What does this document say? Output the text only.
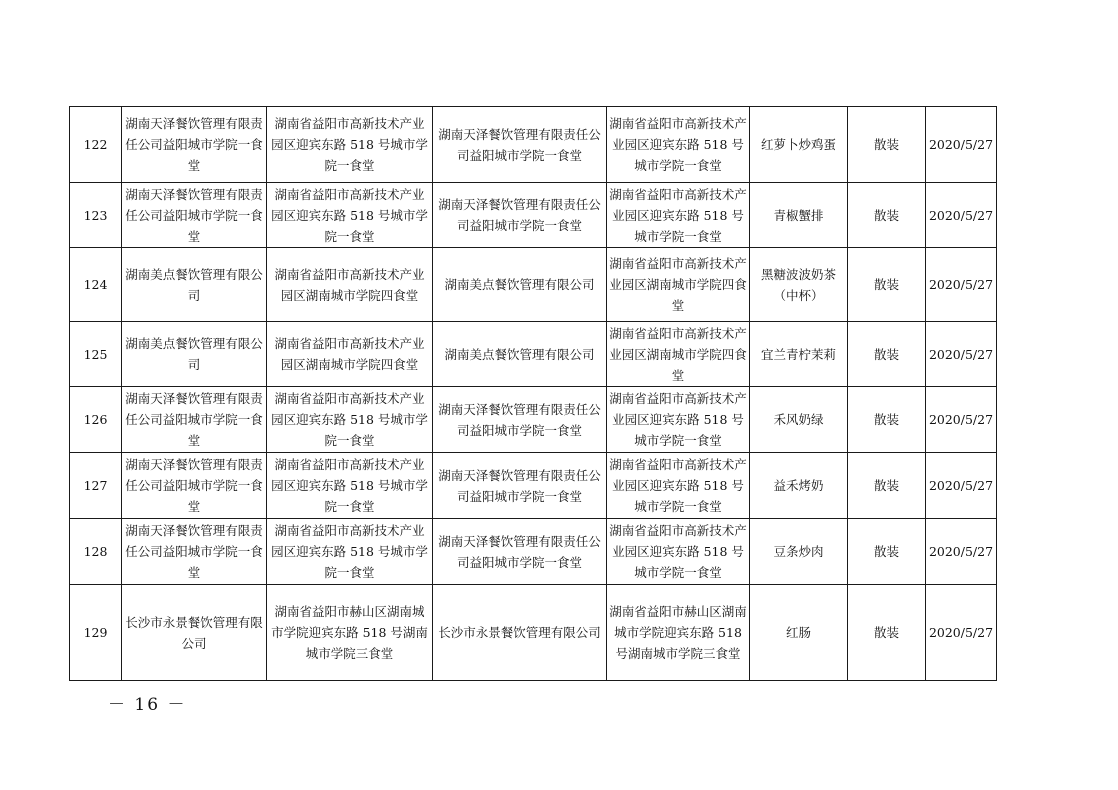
122	湖南天泽餐饮管理有限责任公司益阳城市学院一食堂	湖南省益阳市高新技术产业园区迎宾东路 518 号城市学院一食堂	湖南天泽餐饮管理有限责任公司益阳城市学院一食堂	湖南省益阳市高新技术产业园区迎宾东路 518 号城市学院一食堂	红萝卜炒鸡蛋	散装	2020/5/27
123	湖南天泽餐饮管理有限责任公司益阳城市学院一食堂	湖南省益阳市高新技术产业园区迎宾东路 518 号城市学院一食堂	湖南天泽餐饮管理有限责任公司益阳城市学院一食堂	湖南省益阳市高新技术产业园区迎宾东路 518 号城市学院一食堂	青椒蟹排	散装	2020/5/27
124	湖南美点餐饮管理有限公司	湖南省益阳市高新技术产业园区湖南城市学院四食堂	湖南美点餐饮管理有限公司	湖南省益阳市高新技术产业园区湖南城市学院四食堂	黑糖波波奶茶（中杯）	散装	2020/5/27
125	湖南美点餐饮管理有限公司	湖南省益阳市高新技术产业园区湖南城市学院四食堂	湖南美点餐饮管理有限公司	湖南省益阳市高新技术产业园区湖南城市学院四食堂	宜兰青柠茉莉	散装	2020/5/27
126	湖南天泽餐饮管理有限责任公司益阳城市学院一食堂	湖南省益阳市高新技术产业园区迎宾东路 518 号城市学院一食堂	湖南天泽餐饮管理有限责任公司益阳城市学院一食堂	湖南省益阳市高新技术产业园区迎宾东路 518 号城市学院一食堂	禾风奶绿	散装	2020/5/27
127	湖南天泽餐饮管理有限责任公司益阳城市学院一食堂	湖南省益阳市高新技术产业园区迎宾东路 518 号城市学院一食堂	湖南天泽餐饮管理有限责任公司益阳城市学院一食堂	湖南省益阳市高新技术产业园区迎宾东路 518 号城市学院一食堂	益禾烤奶	散装	2020/5/27
128	湖南天泽餐饮管理有限责任公司益阳城市学院一食堂	湖南省益阳市高新技术产业园区迎宾东路 518 号城市学院一食堂	湖南天泽餐饮管理有限责任公司益阳城市学院一食堂	湖南省益阳市高新技术产业园区迎宾东路 518 号城市学院一食堂	豆条炒肉	散装	2020/5/27
129	长沙市永景餐饮管理有限公司	湖南省益阳市赫山区湖南城市学院迎宾东路 518 号湖南城市学院三食堂	长沙市永景餐饮管理有限公司	湖南省益阳市赫山区湖南城市学院迎宾东路 518 号湖南城市学院三食堂	红肠	散装	2020/5/27
－ 16 －
